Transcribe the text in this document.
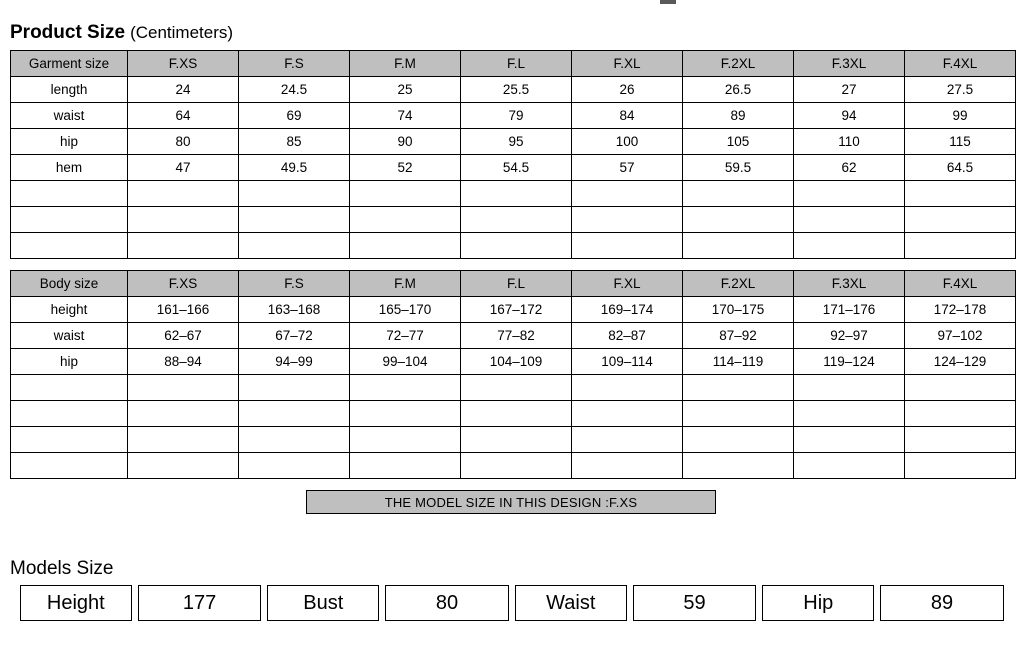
Product Size (Centimeters)
Garment size	F.XS	F.S	F.M	F.L	F.XL	F.2XL	F.3XL	F.4XL
length	24	24.5	25	25.5	26	26.5	27	27.5
waist	64	69	74	79	84	89	94	99
hip	80	85	90	95	100	105	110	115
hem	47	49.5	52	54.5	57	59.5	62	64.5

Body size	F.XS	F.S	F.M	F.L	F.XL	F.2XL	F.3XL	F.4XL
height	161–166	163–168	165–170	167–172	169–174	170–175	171–176	172–178
waist	62–67	67–72	72–77	77–82	82–87	87–92	92–97	97–102
hip	88–94	94–99	99–104	104–109	109–114	114–119	119–124	124–129

THE MODEL SIZE IN THIS DESIGN :F.XS
Models Size
Height	177	Bust	80	Waist	59	Hip	89
